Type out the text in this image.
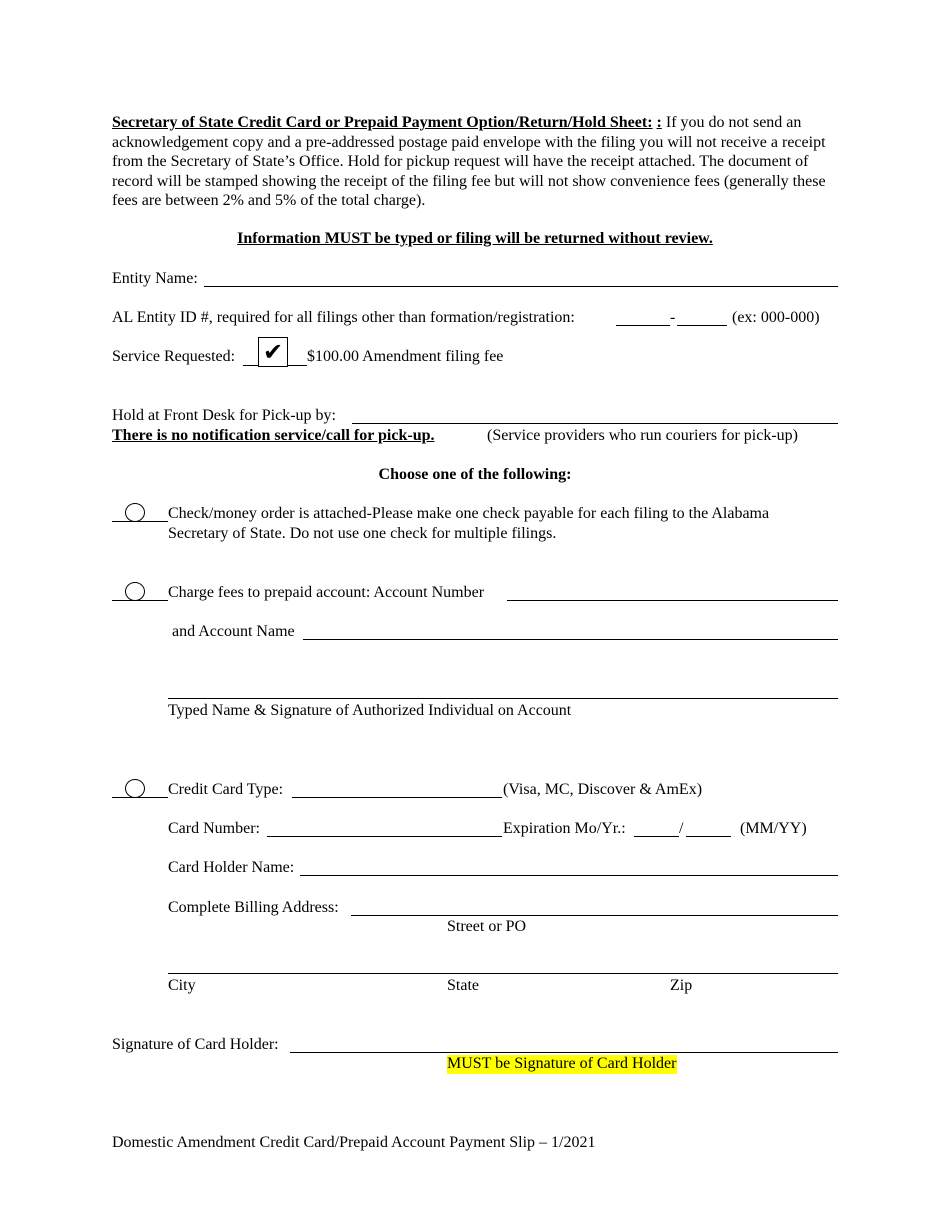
Secretary of State Credit Card or Prepaid Payment Option/Return/Hold Sheet: : If you do not send an acknowledgement copy and a pre-addressed postage paid envelope with the filing you will not receive a receipt from the Secretary of State’s Office. Hold for pickup request will have the receipt attached. The document of record will be stamped showing the receipt of the filing fee but will not show convenience fees (generally these fees are between 2% and 5% of the total charge).
Information MUST be typed or filing will be returned without review.
Entity Name:
AL Entity ID #, required for all filings other than formation/registration:	-	(ex: 000-000)
Service Requested: ✔ $100.00 Amendment filing fee
Hold at Front Desk for Pick-up by:
There is no notification service/call for pick-up.	(Service providers who run couriers for pick-up)
Choose one of the following:
Check/money order is attached-Please make one check payable for each filing to the Alabama
Secretary of State. Do not use one check for multiple filings.
Charge fees to prepaid account: Account Number
and Account Name
Typed Name & Signature of Authorized Individual on Account
Credit Card Type:	(Visa, MC, Discover & AmEx)
Card Number:	Expiration Mo/Yr.:	/	(MM/YY)
Card Holder Name:
Complete Billing Address:
Street or PO
City	State	Zip
Signature of Card Holder:
MUST be Signature of Card Holder
Domestic Amendment Credit Card/Prepaid Account Payment Slip – 1/2021
